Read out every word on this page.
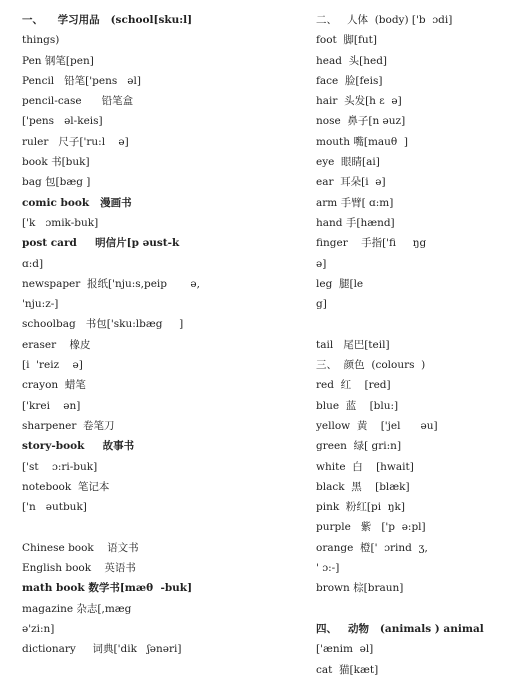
一、    学习用品   (school[sku:l]
things)
Pen 钢笔[pen]
Pencil   铅笔['pens   əl]
pencil-case      铅笔盒
['pens   əl-keis]
ruler   尺子['ru:l    ə]
book 书[buk]
bag 包[bæg ]
comic book   漫画书
['k   ɔmik-buk]
post card     明信片[p əust-k
ɑ:d]
newspaper  报纸['nju:s,peip       ə,
'nju:z-]
schoolbag   书包['sku:lbæg     ]
eraser    橡皮
[i  'reiz    ə]
crayon  蜡笔
['krei    ən]
sharpener  卷笔刀
story-book     故事书
['st    ɔ:ri-buk]
notebook  笔记本
['n   əutbuk]
Chinese book    语文书
English book    英语书
math book 数学书[mæθ  -buk]
magazine 杂志[,mæg
ə'zi:n]
dictionary     词典['dik   ʃənəri]
二、   人体  (body) ['b  ɔdi]
foot  脚[fut]
head  头[hed]
face  脸[feis]
hair  头发[h ε  ə]
nose  鼻子[n əuz]
mouth 嘴[mauθ  ]
eye  眼睛[ai]
ear  耳朵[i  ə]
arm 手臂[ ɑ:m]
hand 手[hænd]
finger    手指['fi     ŋg
ə]
leg  腿[le
g]
tail   尾巴[teil]
三、  颜色  (colours  )
red  红    [red]
blue  蓝    [blu:]
yellow  黄    ['jel      əu]
green  绿[ gri:n]
white  白    [hwait]
black  黑    [blæk]
pink  粉红[pi  ŋk]
purple   紫   ['p  ə:pl]
orange  橙['  ɔrind  ʒ,
' ɔ:-]
brown 棕[braun]
四、   动物   (animals ) animal
['ænim  əl]
cat  猫[kæt]
